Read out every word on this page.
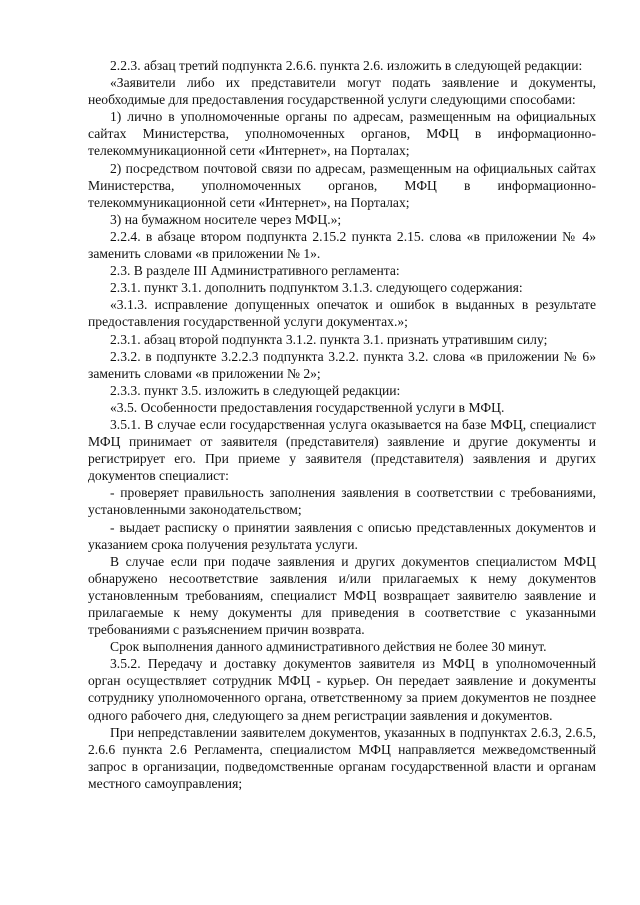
2.2.3. абзац третий подпункта 2.6.6. пункта 2.6. изложить в следующей редакции:

«Заявители либо их представители могут подать заявление и документы, необходимые для предоставления государственной услуги следующими способами:

1) лично в уполномоченные органы по адресам, размещенным на официальных сайтах Министерства, уполномоченных органов, МФЦ в информационно-телекоммуникационной сети «Интернет», на Порталах;

2) посредством почтовой связи по адресам, размещенным на официальных сайтах Министерства, уполномоченных органов, МФЦ в информационно-телекоммуникационной сети «Интернет», на Порталах;

3) на бумажном носителе через МФЦ.»;

2.2.4. в абзаце втором подпункта 2.15.2 пункта 2.15. слова «в приложении № 4» заменить словами «в приложении № 1».

2.3. В разделе III Административного регламента:

2.3.1. пункт 3.1. дополнить подпунктом 3.1.3. следующего содержания:

«3.1.3. исправление допущенных опечаток и ошибок в выданных в результате предоставления государственной услуги документах.»;

2.3.1. абзац второй подпункта 3.1.2. пункта 3.1. признать утратившим силу;

2.3.2. в подпункте 3.2.2.3 подпункта 3.2.2. пункта 3.2. слова «в приложении № 6» заменить словами «в приложении № 2»;

2.3.3. пункт 3.5. изложить в следующей редакции:

«3.5. Особенности предоставления государственной услуги в МФЦ.

3.5.1. В случае если государственная услуга оказывается на базе МФЦ, специалист МФЦ принимает от заявителя (представителя) заявление и другие документы и регистрирует его. При приеме у заявителя (представителя) заявления и других документов специалист:

- проверяет правильность заполнения заявления в соответствии с требованиями, установленными законодательством;

- выдает расписку о принятии заявления с описью представленных документов и указанием срока получения результата услуги.

В случае если при подаче заявления и других документов специалистом МФЦ обнаружено несоответствие заявления и/или прилагаемых к нему документов установленным требованиям, специалист МФЦ возвращает заявителю заявление и прилагаемые к нему документы для приведения в соответствие с указанными требованиями с разъяснением причин возврата.

Срок выполнения данного административного действия не более 30 минут.

3.5.2. Передачу и доставку документов заявителя из МФЦ в уполномоченный орган осуществляет сотрудник МФЦ - курьер. Он передает заявление и документы сотруднику уполномоченного органа, ответственному за прием документов не позднее одного рабочего дня, следующего за днем регистрации заявления и документов.

При непредставлении заявителем документов, указанных в подпунктах 2.6.3, 2.6.5, 2.6.6 пункта 2.6 Регламента, специалистом МФЦ направляется межведомственный запрос в организации, подведомственные органам государственной власти и органам местного самоуправления;
